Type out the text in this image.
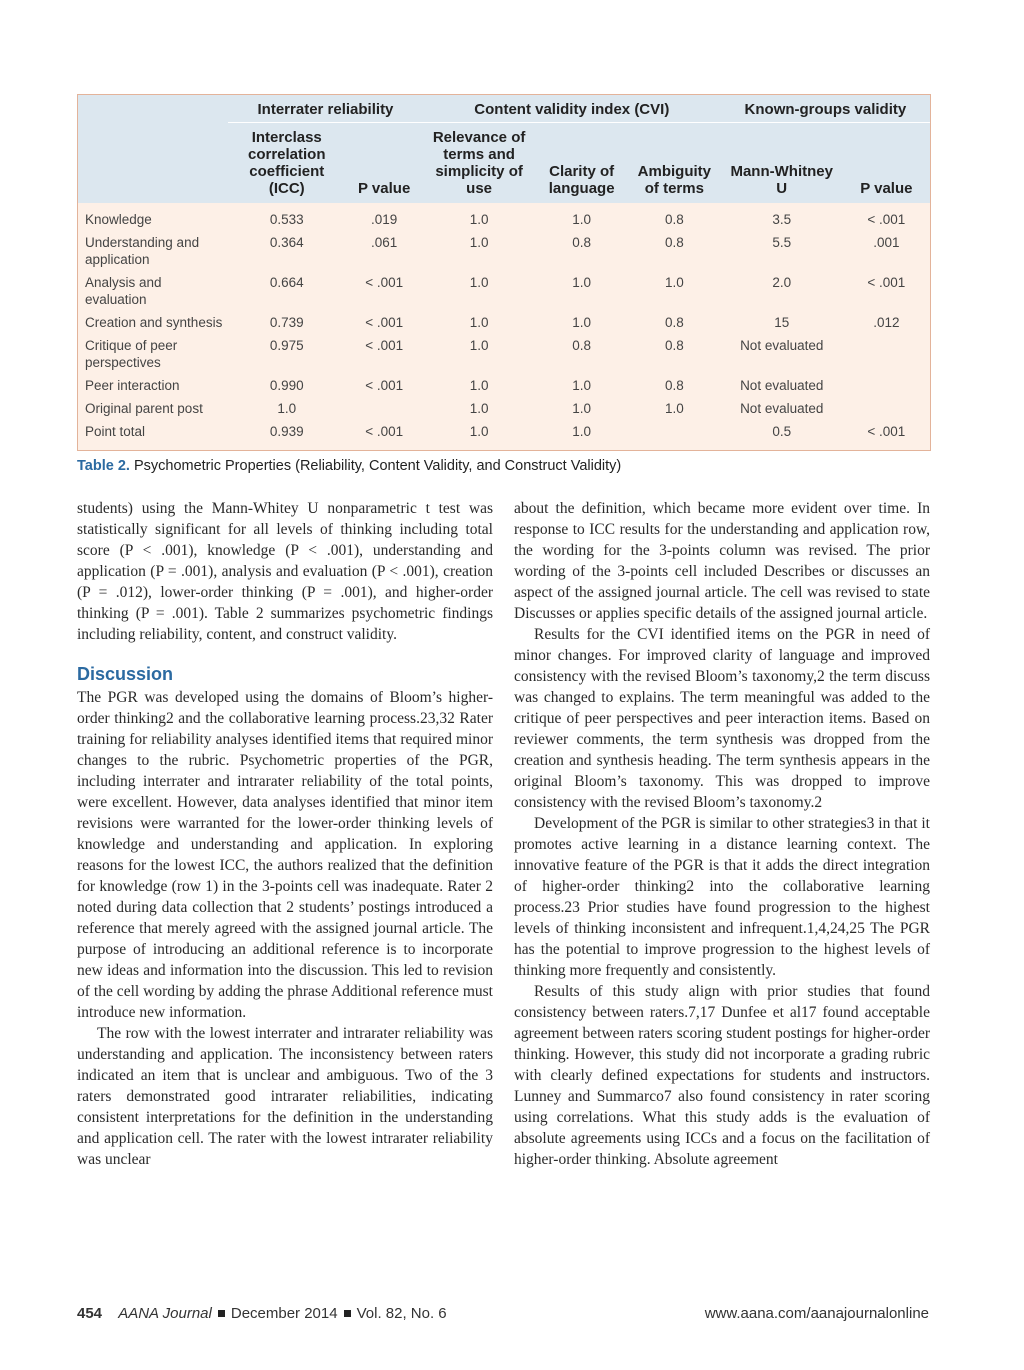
	Interrater reliability		Content validity index (CVI)			Known-groups validity	
	Interclass correlation coefficient (ICC)	P value	Relevance of terms and simplicity of use	Clarity of language	Ambiguity of terms	Mann-Whitney U	P value
Knowledge	0.533	.019	1.0	1.0	0.8	3.5	< .001
Understanding and application	0.364	.061	1.0	0.8	0.8	5.5	.001
Analysis and evaluation	0.664	< .001	1.0	1.0	1.0	2.0	< .001
Creation and synthesis	0.739	< .001	1.0	1.0	0.8	15	.012
Critique of peer perspectives	0.975	< .001	1.0	0.8	0.8	Not evaluated	
Peer interaction	0.990	< .001	1.0	1.0	0.8	Not evaluated	
Original parent post	1.0		1.0	1.0	1.0	Not evaluated	
Point total	0.939	< .001	1.0	1.0		0.5	< .001
Table 2. Psychometric Properties (Reliability, Content Validity, and Construct Validity)

students) using the Mann-Whitey U nonparametric t test was statistically significant for all levels of thinking including total score (P < .001), knowledge (P < .001), understanding and application (P = .001), analysis and evaluation (P < .001), creation (P = .012), lower-order thinking (P = .001), and higher-order thinking (P = .001). Table 2 summarizes psychometric findings including reliability, content, and construct validity.

Discussion

The PGR was developed using the domains of Bloom’s higher-order thinking2 and the collaborative learning process.23,32 Rater training for reliability analyses identified items that required minor changes to the rubric. Psychometric properties of the PGR, including interrater and intrarater reliability of the total points, were excellent. However, data analyses identified that minor item revisions were warranted for the lower-order thinking levels of knowledge and understanding and application. In exploring reasons for the lowest ICC, the authors realized that the definition for knowledge (row 1) in the 3-points cell was inadequate. Rater 2 noted during data collection that 2 students’ postings introduced a reference that merely agreed with the assigned journal article. The purpose of introducing an additional reference is to incorporate new ideas and information into the discussion. This led to revision of the cell wording by adding the phrase Additional reference must introduce new information.

The row with the lowest interrater and intrarater reliability was understanding and application. The inconsistency between raters indicated an item that is unclear and ambiguous. Two of the 3 raters demonstrated good intrarater reliabilities, indicating consistent interpretations for the definition in the understanding and application cell. The rater with the lowest intrarater reliability was unclear

about the definition, which became more evident over time. In response to ICC results for the understanding and application row, the wording for the 3-points column was revised. The prior wording of the 3-points cell included Describes or discusses an aspect of the assigned journal article. The cell was revised to state Discusses or applies specific details of the assigned journal article.

Results for the CVI identified items on the PGR in need of minor changes. For improved clarity of language and improved consistency with the revised Bloom’s taxonomy,2 the term discuss was changed to explains. The term meaningful was added to the critique of peer perspectives and peer interaction items. Based on reviewer comments, the term synthesis was dropped from the creation and synthesis heading. The term synthesis appears in the original Bloom’s taxonomy. This was dropped to improve consistency with the revised Bloom’s taxonomy.2

Development of the PGR is similar to other strategies3 in that it promotes active learning in a distance learning context. The innovative feature of the PGR is that it adds the direct integration of higher-order thinking2 into the collaborative learning process.23 Prior studies have found progression to the highest levels of thinking inconsistent and infrequent.1,4,24,25 The PGR has the potential to improve progression to the highest levels of thinking more frequently and consistently.

Results of this study align with prior studies that found consistency between raters.7,17 Dunfee et al17 found acceptable agreement between raters scoring student postings for higher-order thinking. However, this study did not incorporate a grading rubric with clearly defined expectations for students and instructors. Lunney and Summarco7 also found consistency in rater scoring using correlations. What this study adds is the evaluation of absolute agreements using ICCs and a focus on the facilitation of higher-order thinking. Absolute agreement

454 AANA Journal December 2014 Vol. 82, No. 6	www.aana.com/aanajournalonline
